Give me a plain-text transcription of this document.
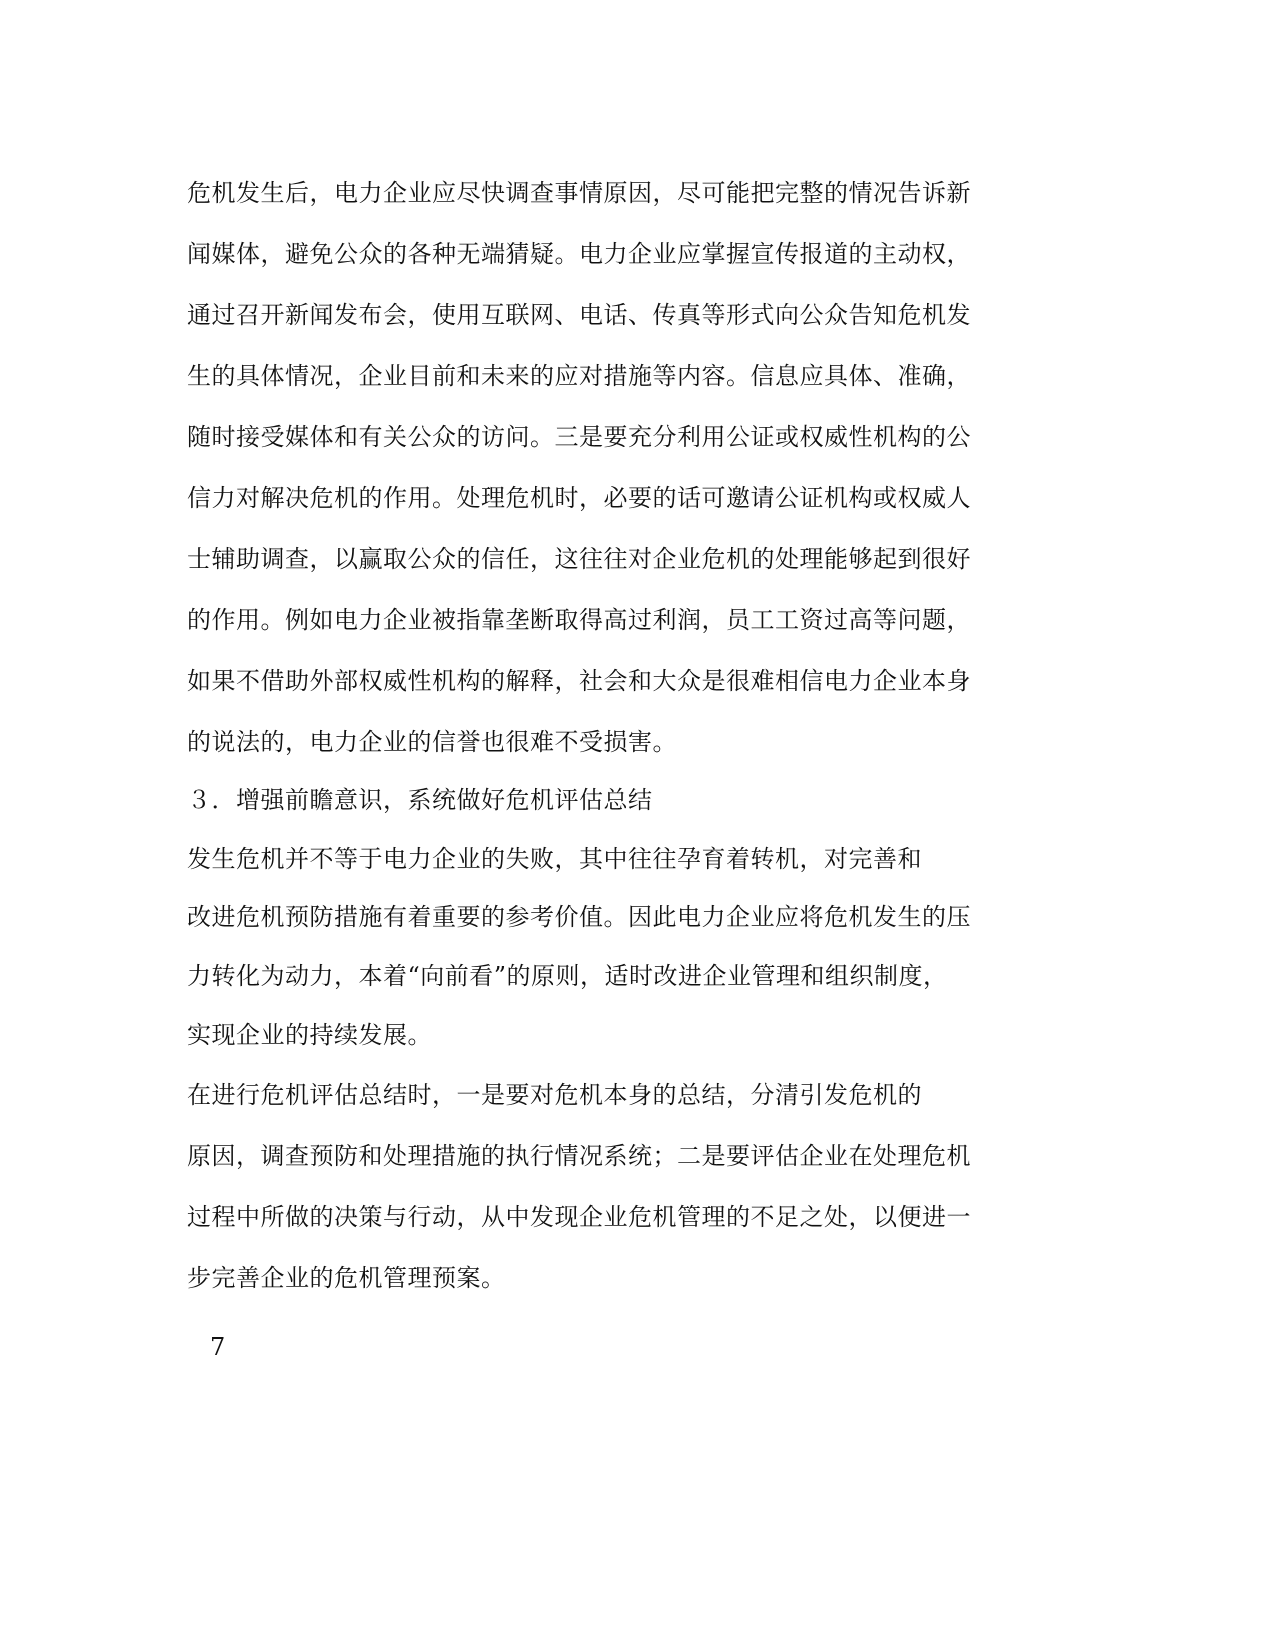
危机发生后，电力企业应尽快调查事情原因，尽可能把完整的情况告诉新
闻媒体，避免公众的各种无端猜疑。电力企业应掌握宣传报道的主动权，
通过召开新闻发布会，使用互联网、电话、传真等形式向公众告知危机发
生的具体情况，企业目前和未来的应对措施等内容。信息应具体、准确，
随时接受媒体和有关公众的访问。三是要充分利用公证或权威性机构的公
信力对解决危机的作用。处理危机时，必要的话可邀请公证机构或权威人
士辅助调查，以赢取公众的信任，这往往对企业危机的处理能够起到很好
的作用。例如电力企业被指靠垄断取得高过利润，员工工资过高等问题，
如果不借助外部权威性机构的解释，社会和大众是很难相信电力企业本身
的说法的，电力企业的信誉也很难不受损害。
３．增强前瞻意识，系统做好危机评估总结
发生危机并不等于电力企业的失败，其中往往孕育着转机，对完善和
改进危机预防措施有着重要的参考价值。因此电力企业应将危机发生的压
力转化为动力，本着“向前看”的原则，适时改进企业管理和组织制度，
实现企业的持续发展。
在进行危机评估总结时，一是要对危机本身的总结，分清引发危机的
原因，调查预防和处理措施的执行情况系统；二是要评估企业在处理危机
过程中所做的决策与行动，从中发现企业危机管理的不足之处，以便进一
步完善企业的危机管理预案。
7
